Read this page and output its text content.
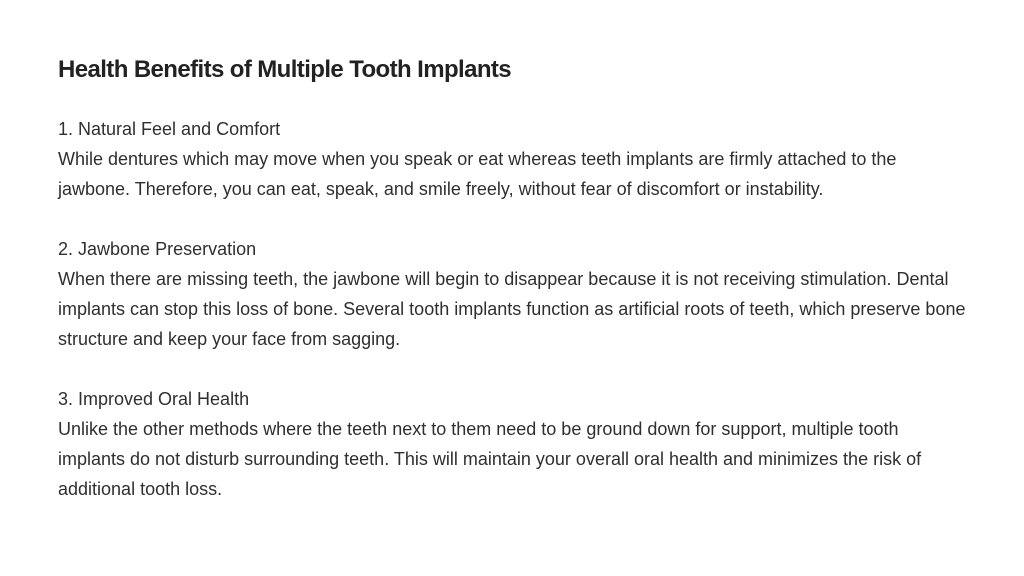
Health Benefits of Multiple Tooth Implants
1. Natural Feel and Comfort
While dentures which may move when you speak or eat whereas teeth implants are firmly attached to the jawbone. Therefore, you can eat, speak, and smile freely, without fear of discomfort or instability.
2. Jawbone Preservation
When there are missing teeth, the jawbone will begin to disappear because it is not receiving stimulation. Dental implants can stop this loss of bone. Several tooth implants function as artificial roots of teeth, which preserve bone structure and keep your face from sagging.
3. Improved Oral Health
Unlike the other methods where the teeth next to them need to be ground down for support, multiple tooth implants do not disturb surrounding teeth. This will maintain your overall oral health and minimizes the risk of additional tooth loss.
